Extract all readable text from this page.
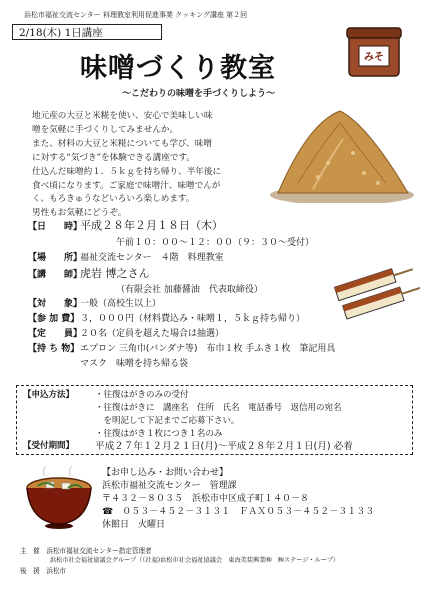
浜松市福祉交流センター 料理教室利用促進事業 クッキング講座 第２回
2/18(木) 1日講座
味噌づくり教室
～こだわりの味噌を手づくりしよう～
みそ

地元産の大豆と米糀を使い、安心で美味しい味

噌を気軽に手づくりしてみませんか。

また、材料の大豆と米糀についても学び、味噌

に対する“気づき”を体験できる講座です。

仕込んだ味噌約１．５ｋｇを持ち帰り、半年後に

食べ頃になります。ご家庭で味噌汁、味噌でんが

く、もろきゅうなどいろいろ楽しめます。

男性もお気軽にどうぞ。

【日　　時】平成２８年２月１８日（木）
午前１０：００～１２：００（９：３０～受付）
【場　　所】福祉交流センター　４階　料理教室
【講　　師】虎岩 博之さん
（有限会社 加藤醤油　代表取締役）
【対　　象】一般（高校生以上）
【参 加 費】３，０００円（材料費込み・味噌１，５ｋｇ持ち帰り）
【定　　員】２０名（定員を超えた場合は抽選）
【持 ち 物】エプロン 三角巾(バンダナ等)　布巾１枚 手ふき１枚　筆記用具
マスク　味噌を持ち帰る袋
【申込方法】 ・往復はがきのみの受付
・往復はがきに　講座名　住所　氏名　電話番号　返信用の宛名
　を明記して下記までご応募下さい。
・往復はがき１枚につき１名のみ
【受付期間】 平成２７年１２月２１日(月)～平成２８年２月１日(月) 必着
【お申し込み・お問い合わせ】
浜松市福祉交流センター　管理課
〒４３２－８０３５　浜松市中区成子町１４０－８
☎　０５３－４５２－３１３１　ＦＡＸ０５３－４５２－３１３３
休館日　火曜日
主　催　 浜松市福祉交流センター指定管理者
浜松市社会福祉協議会グループ（（社福)浜松市社会福祉協議会　東海美装興業㈱　㈱ステージ・ループ）
後　援　 浜松市
